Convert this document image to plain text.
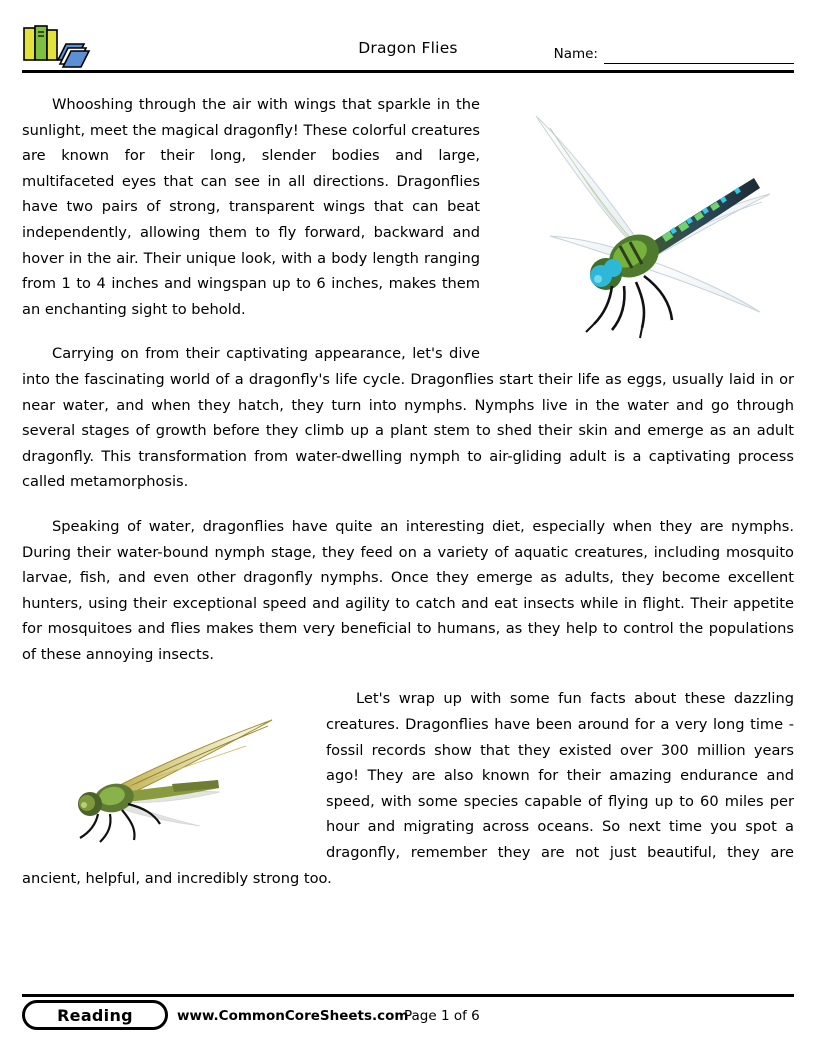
Dragon Flies	Name:

Whooshing through the air with wings that sparkle in the sunlight, meet the magical dragonfly! These colorful creatures are known for their long, slender bodies and large, multifaceted eyes that can see in all directions. Dragonflies have two pairs of strong, transparent wings that can beat independently, allowing them to fly forward, backward and hover in the air. Their unique look, with a body length ranging from 1 to 4 inches and wingspan up to 6 inches, makes them an enchanting sight to behold.

Carrying on from their captivating appearance, let's dive into the fascinating world of a dragonfly's life cycle. Dragonflies start their life as eggs, usually laid in or near water, and when they hatch, they turn into nymphs. Nymphs live in the water and go through several stages of growth before they climb up a plant stem to shed their skin and emerge as an adult dragonfly. This transformation from water-dwelling nymph to air-gliding adult is a captivating process called metamorphosis.

Speaking of water, dragonflies have quite an interesting diet, especially when they are nymphs. During their water-bound nymph stage, they feed on a variety of aquatic creatures, including mosquito larvae, fish, and even other dragonfly nymphs. Once they emerge as adults, they become excellent hunters, using their exceptional speed and agility to catch and eat insects while in flight. Their appetite for mosquitoes and flies makes them very beneficial to humans, as they help to control the populations of these annoying insects.

Let's wrap up with some fun facts about these dazzling creatures. Dragonflies have been around for a very long time - fossil records show that they existed over 300 million years ago! They are also known for their amazing endurance and speed, with some species capable of flying up to 60 miles per hour and migrating across oceans. So next time you spot a dragonfly, remember they are not just beautiful, they are ancient, helpful, and incredibly strong too.

Reading	www.CommonCoreSheets.com
Page 1 of 6
